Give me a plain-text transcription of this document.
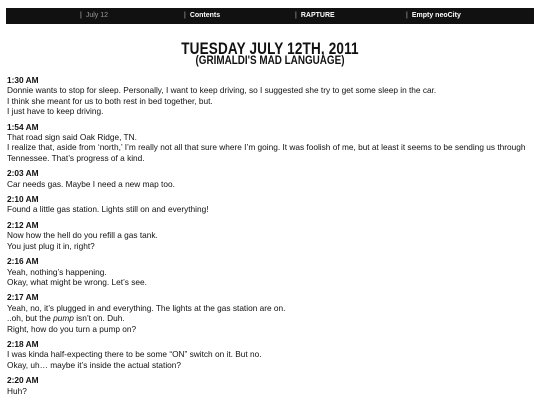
| July 12	| Contents	| RAPTURE	| Empty neoCity
TUESDAY JULY 12TH, 2011
(GRIMALDI'S MAD LANGUAGE)
1:30 AM
Donnie wants to stop for sleep. Personally, I want to keep driving, so I suggested she try to get some sleep in the car.
I think she meant for us to both rest in bed together, but.
I just have to keep driving.
1:54 AM
That road sign said Oak Ridge, TN.
I realize that, aside from ‘north,’ I’m really not all that sure where I’m going. It was foolish of me, but at least it seems to be sending us through Tennessee. That’s progress of a kind.
2:03 AM
Car needs gas. Maybe I need a new map too.
2:10 AM
Found a little gas station. Lights still on and everything!
2:12 AM
Now how the hell do you refill a gas tank.
You just plug it in, right?
2:16 AM
Yeah, nothing’s happening.
Okay, what might be wrong. Let’s see.
2:17 AM
Yeah, no, it’s plugged in and everything. The lights at the gas station are on.
..oh, but the pump isn’t on. Duh.
Right, how do you turn a pump on?
2:18 AM
I was kinda half-expecting there to be some “ON” switch on it. But no.
Okay, uh… maybe it’s inside the actual station?
2:20 AM
Huh?
